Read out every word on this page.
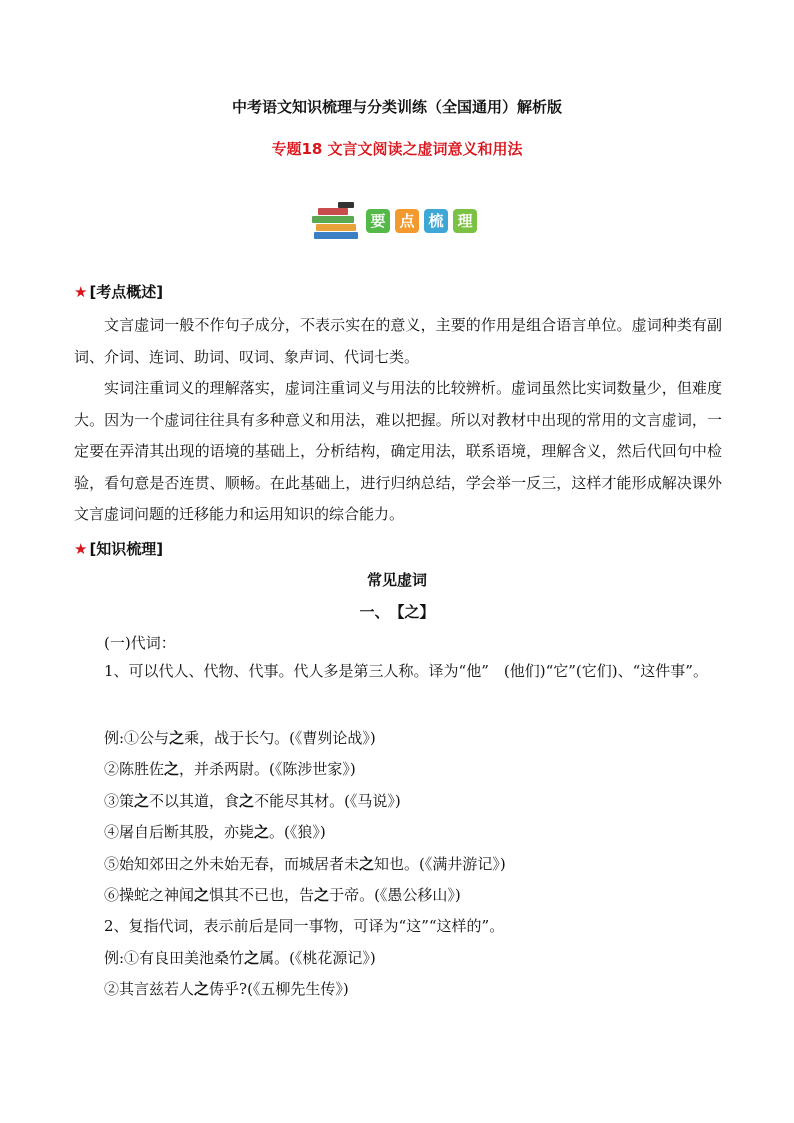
中考语文知识梳理与分类训练（全国通用）解析版
专题18 文言文阅读之虚词意义和用法
要 点 梳 理
★ [考点概述]

文言虚词一般不作句子成分，不表示实在的意义，主要的作用是组合语言单位。虚词种类有副词、介词、连词、助词、叹词、象声词、代词七类。

实词注重词义的理解落实，虚词注重词义与用法的比较辨析。虚词虽然比实词数量少，但难度大。因为一个虚词往往具有多种意义和用法，难以把握。所以对教材中出现的常用的文言虚词，一定要在弄清其出现的语境的基础上，分析结构，确定用法，联系语境，理解含义，然后代回句中检验，看句意是否连贯、顺畅。在此基础上，进行归纳总结，学会举一反三，这样才能形成解决课外文言虚词问题的迁移能力和运用知识的综合能力。

★ [知识梳理]
常见虚词
一、　【之】

(一)代词：

1、可以代人、代物、代事。代人多是第三人称。译为“他”　(他们)“它”(它们)、“这件事”。

例:①公与之乘，战于长勺。(《曹刿论战》)

②陈胜佐之，并杀两尉。(《陈涉世家》)

③策之不以其道，食之不能尽其材。(《马说》)

④屠自后断其股，亦毙之。(《狼》)

⑤始知郊田之外未始无春，而城居者未之知也。(《满井游记》)

⑥操蛇之神闻之惧其不已也，告之于帝。(《愚公移山》)

2、复指代词，表示前后是同一事物，可译为“这”“这样的”。

例:①有良田美池桑竹之属。(《桃花源记》)

②其言兹若人之俦乎?(《五柳先生传》)
